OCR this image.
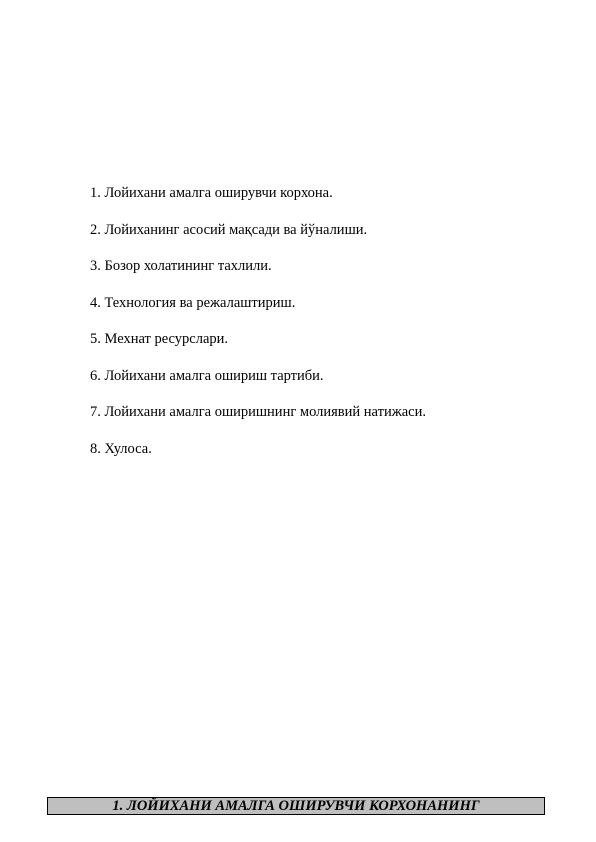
1. Лойихани амалга оширувчи корхона.
2. Лойиханинг асосий мақсади ва йўналиши.
3. Бозор холатининг тахлили.
4. Технология ва режалаштириш.
5. Мехнат ресурслари.
6. Лойихани амалга ошириш тартиби.
7. Лойихани амалга оширишнинг молиявий натижаси.
8. Хулоса.
1. ЛОЙИХАНИ АМАЛГА ОШИРУВЧИ КОРХОНАНИНГ
